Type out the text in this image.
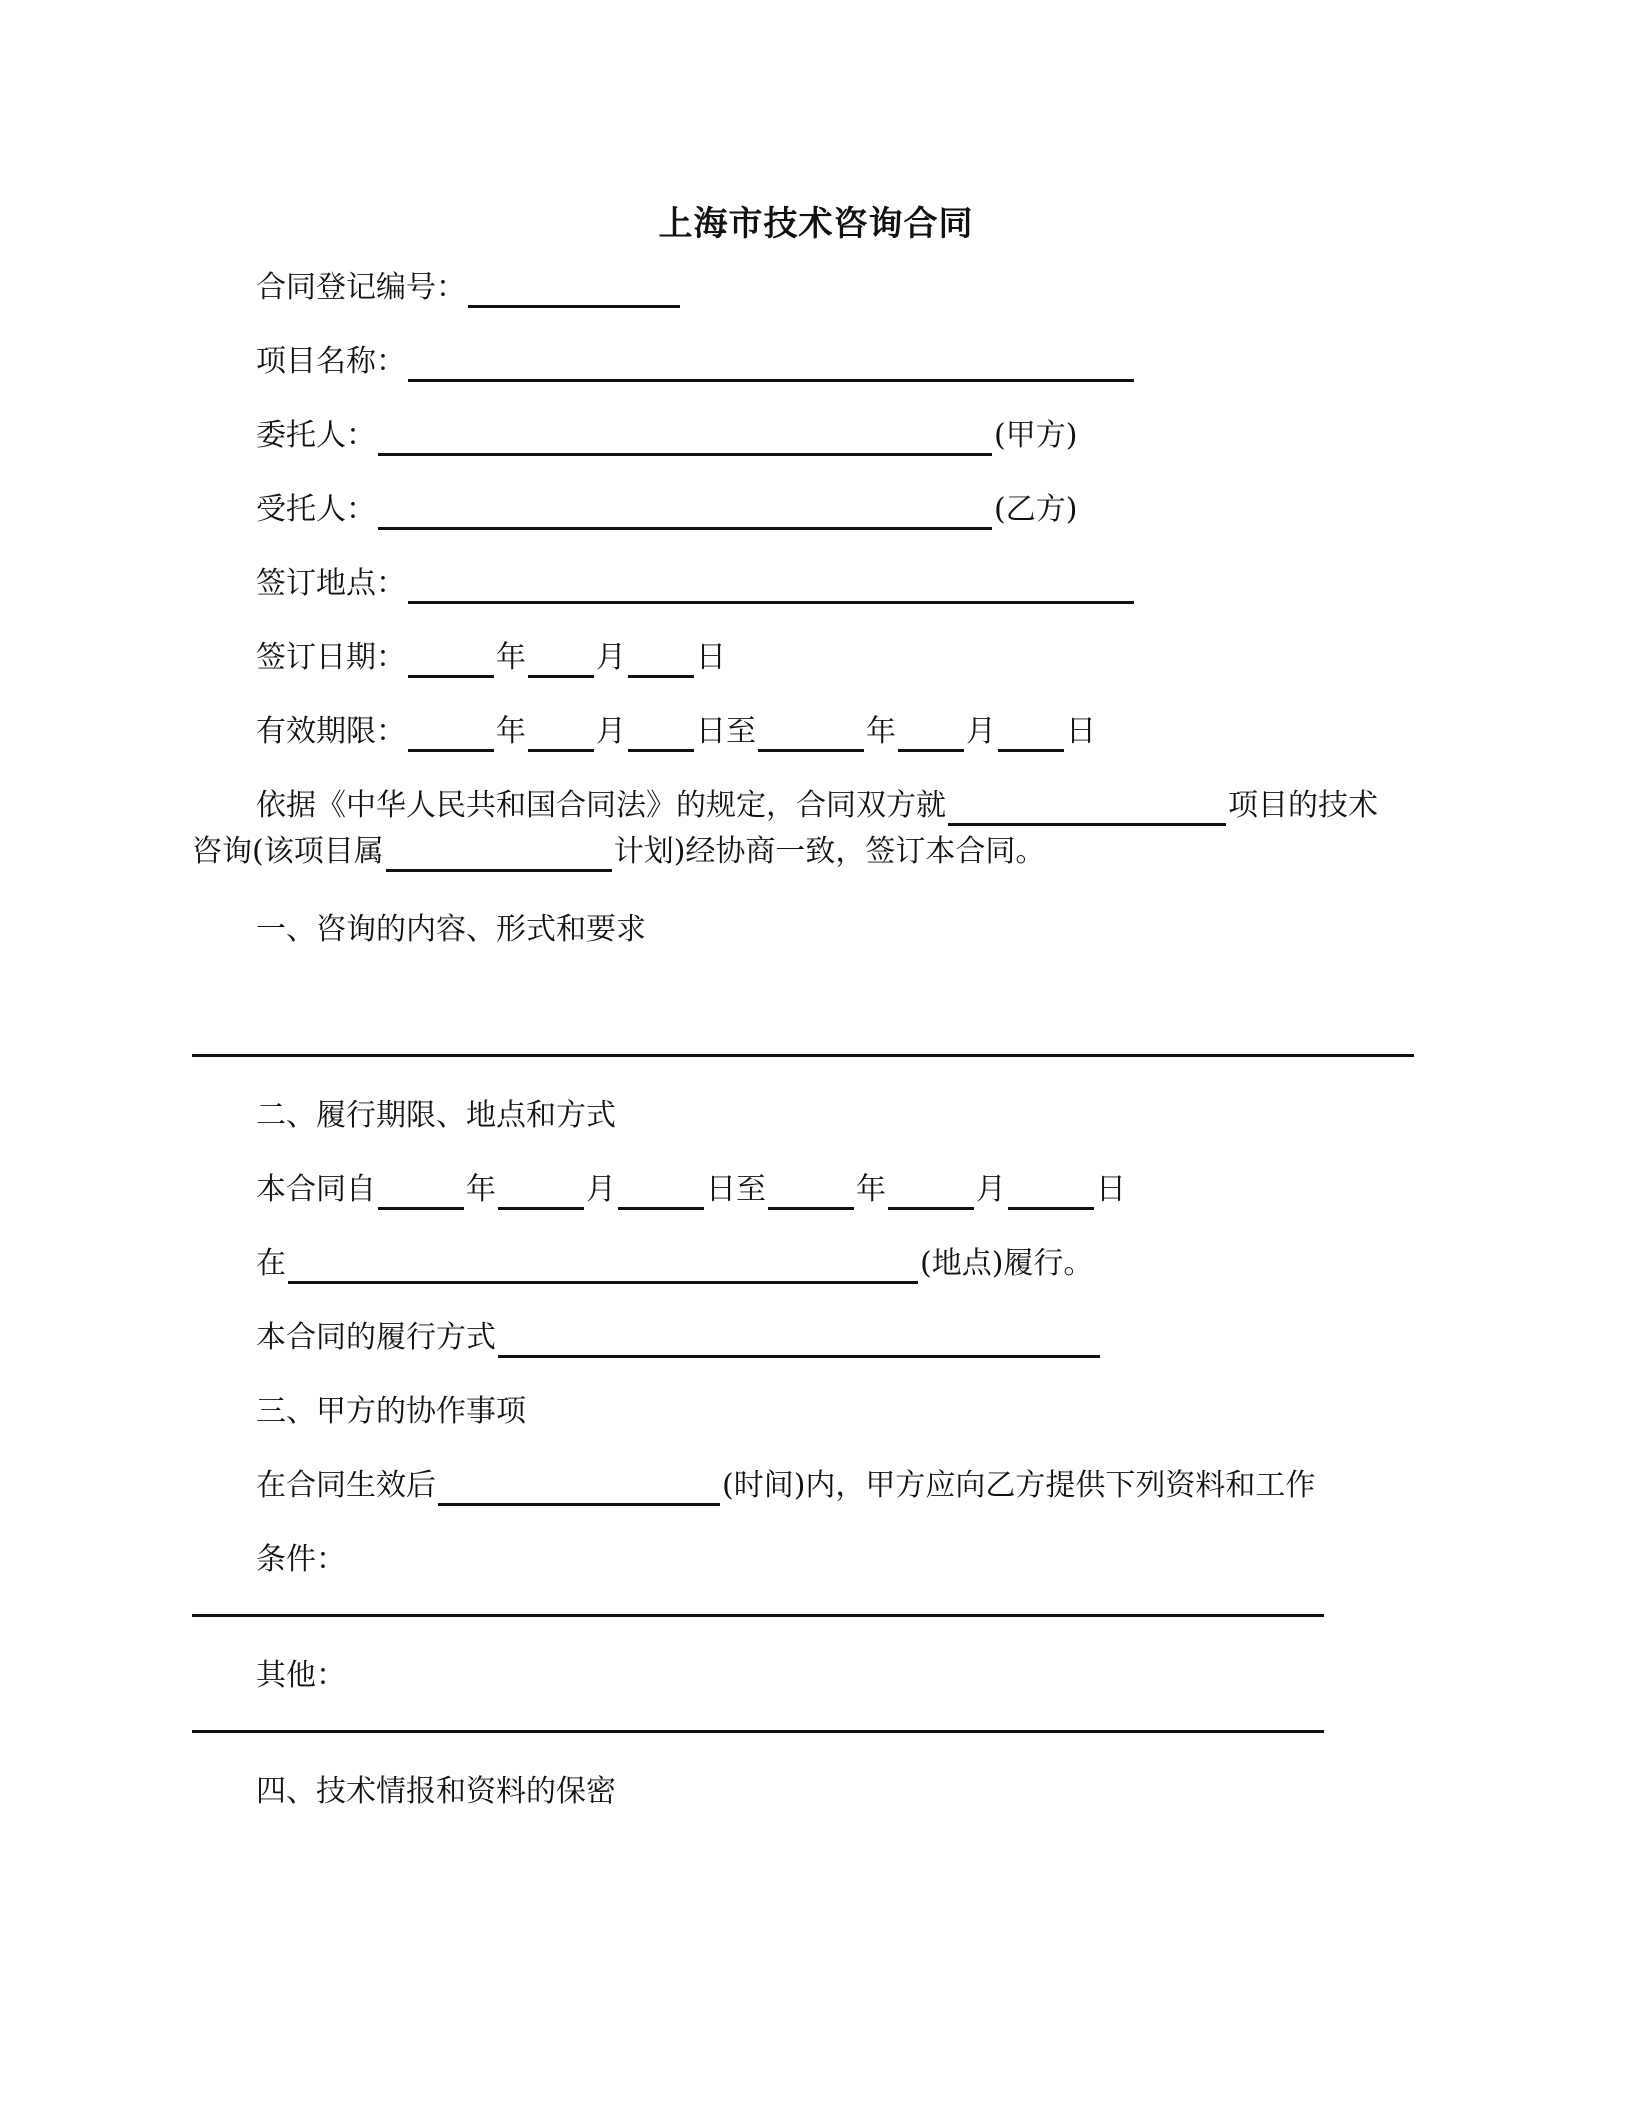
上海市技术咨询合同
合同登记编号：
项目名称：
委托人：	(甲方)
受托人：	(乙方)
签订地点：
签订日期：	年 月 日
有效期限：	年 月 日至	年 月 日
依据《中华人民共和国合同法》的规定，合同双方就	项目的技术
咨询(该项目属	计划)经协商一致，签订本合同。
一、咨询的内容、形式和要求
二、履行期限、地点和方式
本合同自	年	月	日至	年	月	日
在	(地点)履行。
本合同的履行方式
三、甲方的协作事项
在合同生效后	(时间)内，甲方应向乙方提供下列资料和工作
条件：
其他：
四、技术情报和资料的保密
